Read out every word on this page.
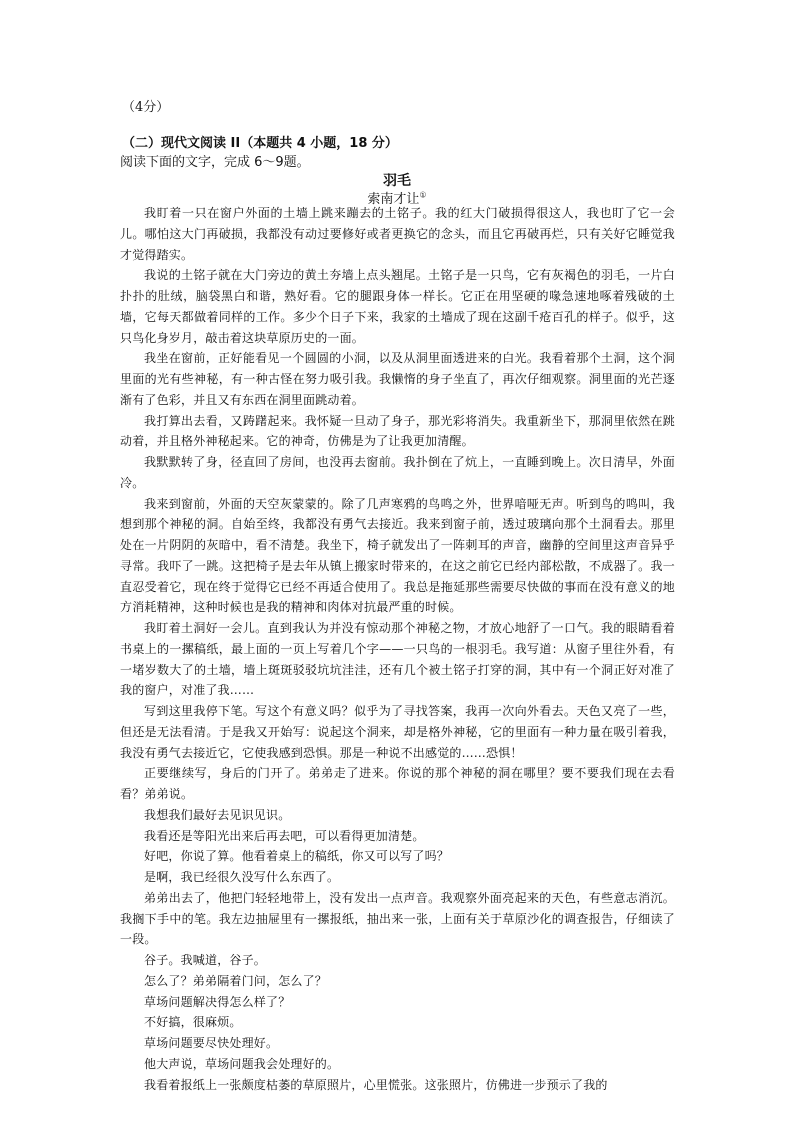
（4分）
（二）现代文阅读 II（本题共 4 小题，18 分）
阅读下面的文字，完成 6～9题。
羽毛
索南才让①

我盯着一只在窗户外面的土墙上跳来蹦去的土铭子。我的红大门破损得很这人，我也盯了它一会儿。哪怕这大门再破损，我都没有动过要修好或者更换它的念头，而且它再破再烂，只有关好它睡觉我才觉得踏实。

我说的土铭子就在大门旁边的黄土夯墙上点头翘尾。土铭子是一只鸟，它有灰褐色的羽毛，一片白扑扑的肚绒，脑袋黑白和谐，熟好看。它的腿跟身体一样长。它正在用坚硬的喙急速地啄着残破的土墙，它每天都做着同样的工作。多少个日子下来，我家的土墙成了现在这副千疮百孔的样子。似乎，这只鸟化身岁月，敲击着这块草原历史的一面。

我坐在窗前，正好能看见一个圆圆的小洞，以及从洞里面透进来的白光。我看着那个土洞，这个洞里面的光有些神秘，有一种古怪在努力吸引我。我懒惰的身子坐直了，再次仔细观察。洞里面的光芒逐渐有了色彩，并且又有东西在洞里面跳动着。

我打算出去看，又踌躇起来。我怀疑一旦动了身子，那光彩将消失。我重新坐下，那洞里依然在跳动着，并且格外神秘起来。它的神奇，仿佛是为了让我更加清醒。

我默默转了身，径直回了房间，也没再去窗前。我扑倒在了炕上，一直睡到晚上。次日清早，外面冷。

我来到窗前，外面的天空灰蒙蒙的。除了几声寒鸦的鸟鸣之外，世界喑哑无声。听到鸟的鸣叫，我想到那个神秘的洞。自始至终，我都没有勇气去接近。我来到窗子前，透过玻璃向那个土洞看去。那里处在一片阴阴的灰暗中，看不清楚。我坐下，椅子就发出了一阵刺耳的声音，幽静的空间里这声音异乎寻常。我吓了一跳。这把椅子是去年从镇上搬家时带来的，在这之前它已经内部松散，不成器了。我一直忍受着它，现在终于觉得它已经不再适合使用了。我总是拖延那些需要尽快做的事而在没有意义的地方消耗精神，这种时候也是我的精神和肉体对抗最严重的时候。

我盯着土洞好一会儿。直到我认为并没有惊动那个神秘之物，才放心地舒了一口气。我的眼睛看着书桌上的一摞稿纸，最上面的一页上写着几个字——一只鸟的一根羽毛。我写道：从窗子里往外看，有一堵岁数大了的土墙，墙上斑斑驳驳坑坑洼洼，还有几个被土铭子打穿的洞，其中有一个洞正好对准了我的窗户，对准了我……

写到这里我停下笔。写这个有意义吗？似乎为了寻找答案，我再一次向外看去。天色又亮了一些，但还是无法看清。于是我又开始写：说起这个洞来，却是格外神秘，它的里面有一种力量在吸引着我，我没有勇气去接近它，它使我感到恐惧。那是一种说不出感觉的……恐惧！

正要继续写，身后的门开了。弟弟走了进来。你说的那个神秘的洞在哪里？要不要我们现在去看看？弟弟说。

我想我们最好去见识见识。

我看还是等阳光出来后再去吧，可以看得更加清楚。

好吧，你说了算。他看着桌上的稿纸，你又可以写了吗？

是啊，我已经很久没写什么东西了。

弟弟出去了，他把门轻轻地带上，没有发出一点声音。我观察外面亮起来的天色，有些意志消沉。我搁下手中的笔。我左边抽屉里有一摞报纸，抽出来一张，上面有关于草原沙化的调查报告，仔细读了一段。

谷子。我喊道，谷子。

怎么了？弟弟隔着门问，怎么了？

草场问题解决得怎么样了？

不好搞，很麻烦。

草场问题要尽快处理好。

他大声说，草场问题我会处理好的。

我看着报纸上一张颇度枯萎的草原照片，心里慌张。这张照片，仿佛进一步预示了我的
